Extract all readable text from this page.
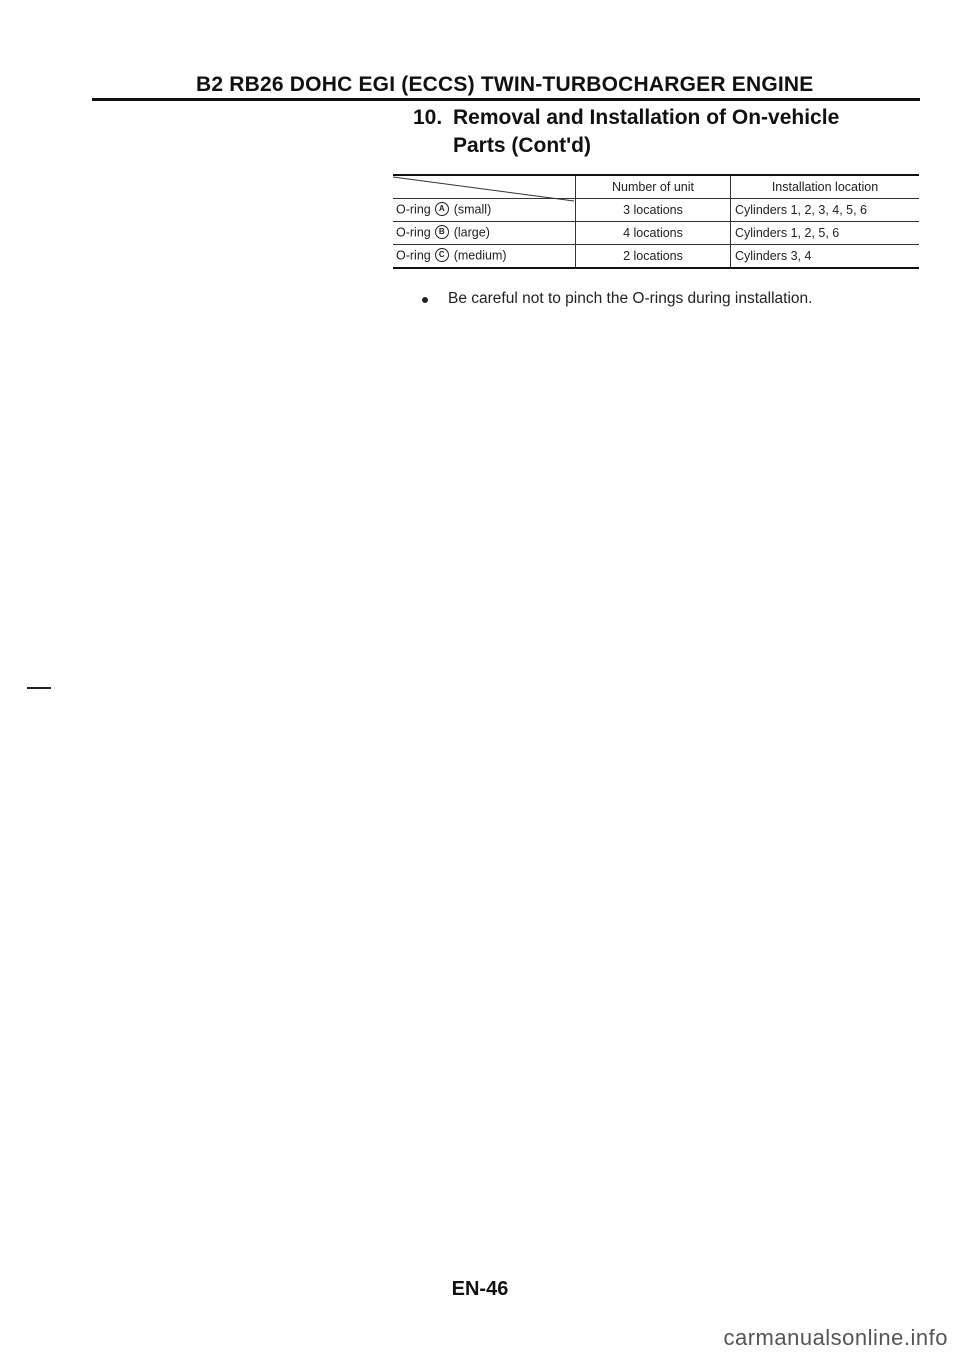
B2 RB26 DOHC EGI (ECCS) TWIN-TURBOCHARGER ENGINE
10. Removal and Installation of On-vehicle
Parts (Cont'd)
	Number of unit	Installation location
O-ring A (small)	3 locations	Cylinders 1, 2, 3, 4, 5, 6
O-ring B (large)	4 locations	Cylinders 1, 2, 5, 6
O-ring C (medium)	2 locations	Cylinders 3, 4
Be careful not to pinch the O-rings during installation.
EN-46
carmanualsonline.info
